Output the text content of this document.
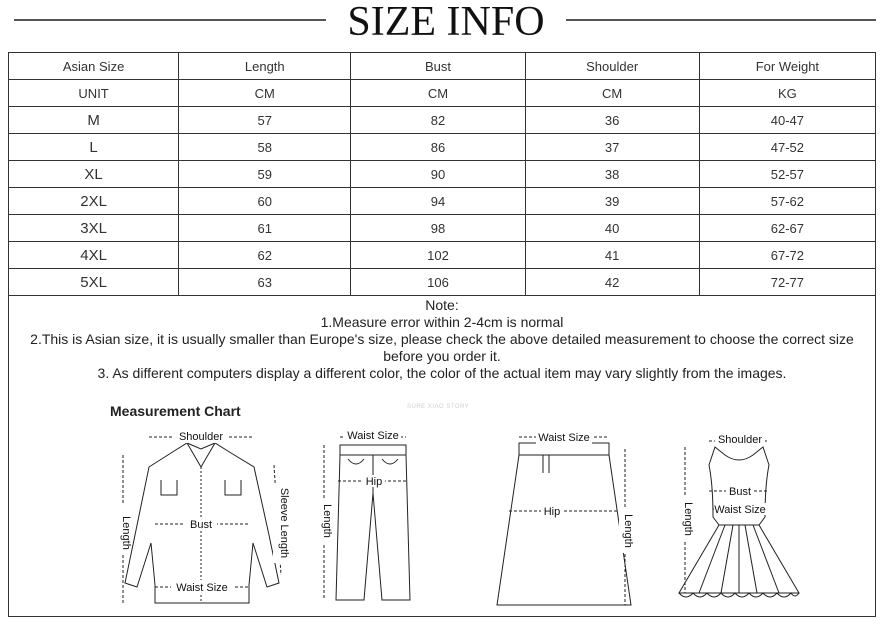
SIZE INFO
Asian Size	Length	Bust	Shoulder	For Weight
UNIT	CM	CM	CM	KG
M	57	82	36	40-47
L	58	86	37	47-52
XL	59	90	38	52-57
2XL	60	94	39	57-62
3XL	61	98	40	62-67
4XL	62	102	41	67-72
5XL	63	106	42	72-77
Note:
1.Measure error within 2-4cm is normal
2.This is Asian size, it is usually smaller than Europe's size, please check the above detailed measurement to choose the correct size before you order it.
3. As different computers display a different color, the color of the actual item may vary slightly from the images.
Measurement Chart	SURE XIAO STORY
Shoulder
Bust
Waist Size
Length	Sleeve Length
Waist Size
Hip
Length
Waist Size
Hip
Length
Shoulder
Bust
Waist Size
Length
